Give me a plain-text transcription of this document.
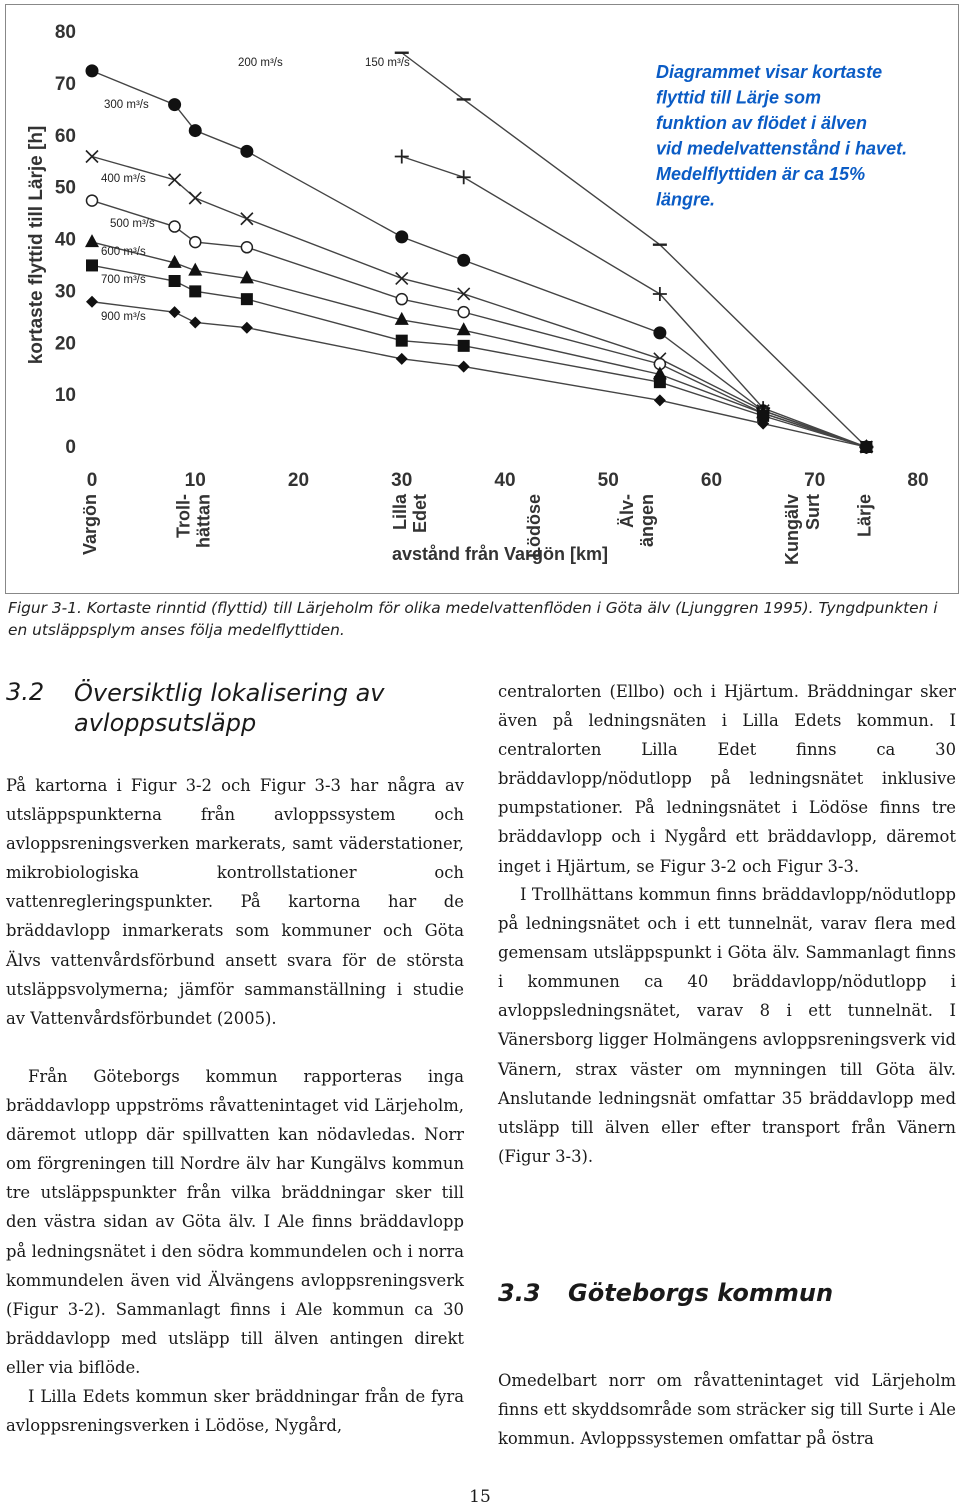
0
10
20
30
40
50
60
70
80
0	10	20	30	40	50	60	70	80
kortaste flyttid till Lärje [h]
avstånd från Vargön [km]
Vargön	Troll- hättan	Lilla Edet	Lödöse	Älv- ängen	Kungälv Surt Lärje
150 m³/s
200 m³/s
300 m³/s
400 m³/s
500 m³/s
600 m³/s
700 m³/s
900 m³/s
Diagrammet visar kortaste
flyttid till Lärje som
funktion av flödet i älven
vid medelvattenstånd i havet.
Medelflyttiden är ca 15%
längre.

Figur 3-1. Kortaste rinntid (flyttid) till Lärjeholm för olika medelvattenflöden i Göta älv (Ljunggren 1995). Tyngdpunkten i en utsläppsplym anses följa medelflyttiden.

3.2 Översiktlig lokalisering av avloppsutsläpp

På kartorna i Figur 3-2 och Figur 3-3 har några av utsläppspunkterna från avloppssystem och avloppsreningsverken markerats, samt väderstationer, mikrobiologiska kontrollstationer och vattenregleringspunkter. På kartorna har de bräddavlopp inmarkerats som kommuner och Göta Älvs vattenvårdsförbund ansett svara för de största utsläppsvolymerna; jämför sammanställning i studie av Vattenvårdsförbundet (2005).

Från Göteborgs kommun rapporteras inga bräddavlopp uppströms råvattenintaget vid Lärjeholm, däremot utlopp där spillvatten kan nödavledas. Norr om förgreningen till Nordre älv har Kungälvs kommun tre utsläppspunkter från vilka bräddningar sker till den västra sidan av Göta älv. I Ale finns bräddavlopp på ledningsnätet i den södra kommundelen och i norra kommundelen även vid Älvängens avloppsreningsverk (Figur 3-2). Sammanlagt finns i Ale kommun ca 30 bräddavlopp med utsläpp till älven antingen direkt eller via biflöde.

I Lilla Edets kommun sker bräddningar från de fyra avloppsreningsverken i Lödöse, Nygård,

centralorten (Ellbo) och i Hjärtum. Bräddningar sker även på ledningsnäten i Lilla Edets kommun. I centralorten Lilla Edet finns ca 30 bräddavlopp/nödutlopp på ledningsnätet inklusive pumpstationer. På ledningsnätet i Lödöse finns tre bräddavlopp och i Nygård ett bräddavlopp, däremot inget i Hjärtum, se Figur 3-2 och Figur 3-3.

I Trollhättans kommun finns bräddavlopp/nödutlopp på ledningsnätet och i ett tunnelnät, varav flera med gemensam utsläppspunkt i Göta älv. Sammanlagt finns i kommunen ca 40 bräddavlopp/nödutlopp i avloppsledningsnätet, varav 8 i ett tunnelnät. I Vänersborg ligger Holmängens avloppsreningsverk vid Vänern, strax väster om mynningen till Göta älv. Anslutande ledningsnät omfattar 35 bräddavlopp med utsläpp till älven eller efter transport från Vänern (Figur 3-3).

3.3 Göteborgs kommun

Omedelbart norr om råvattenintaget vid Lärjeholm finns ett skyddsområde som sträcker sig till Surte i Ale kommun. Avloppssystemen omfattar på östra

15
